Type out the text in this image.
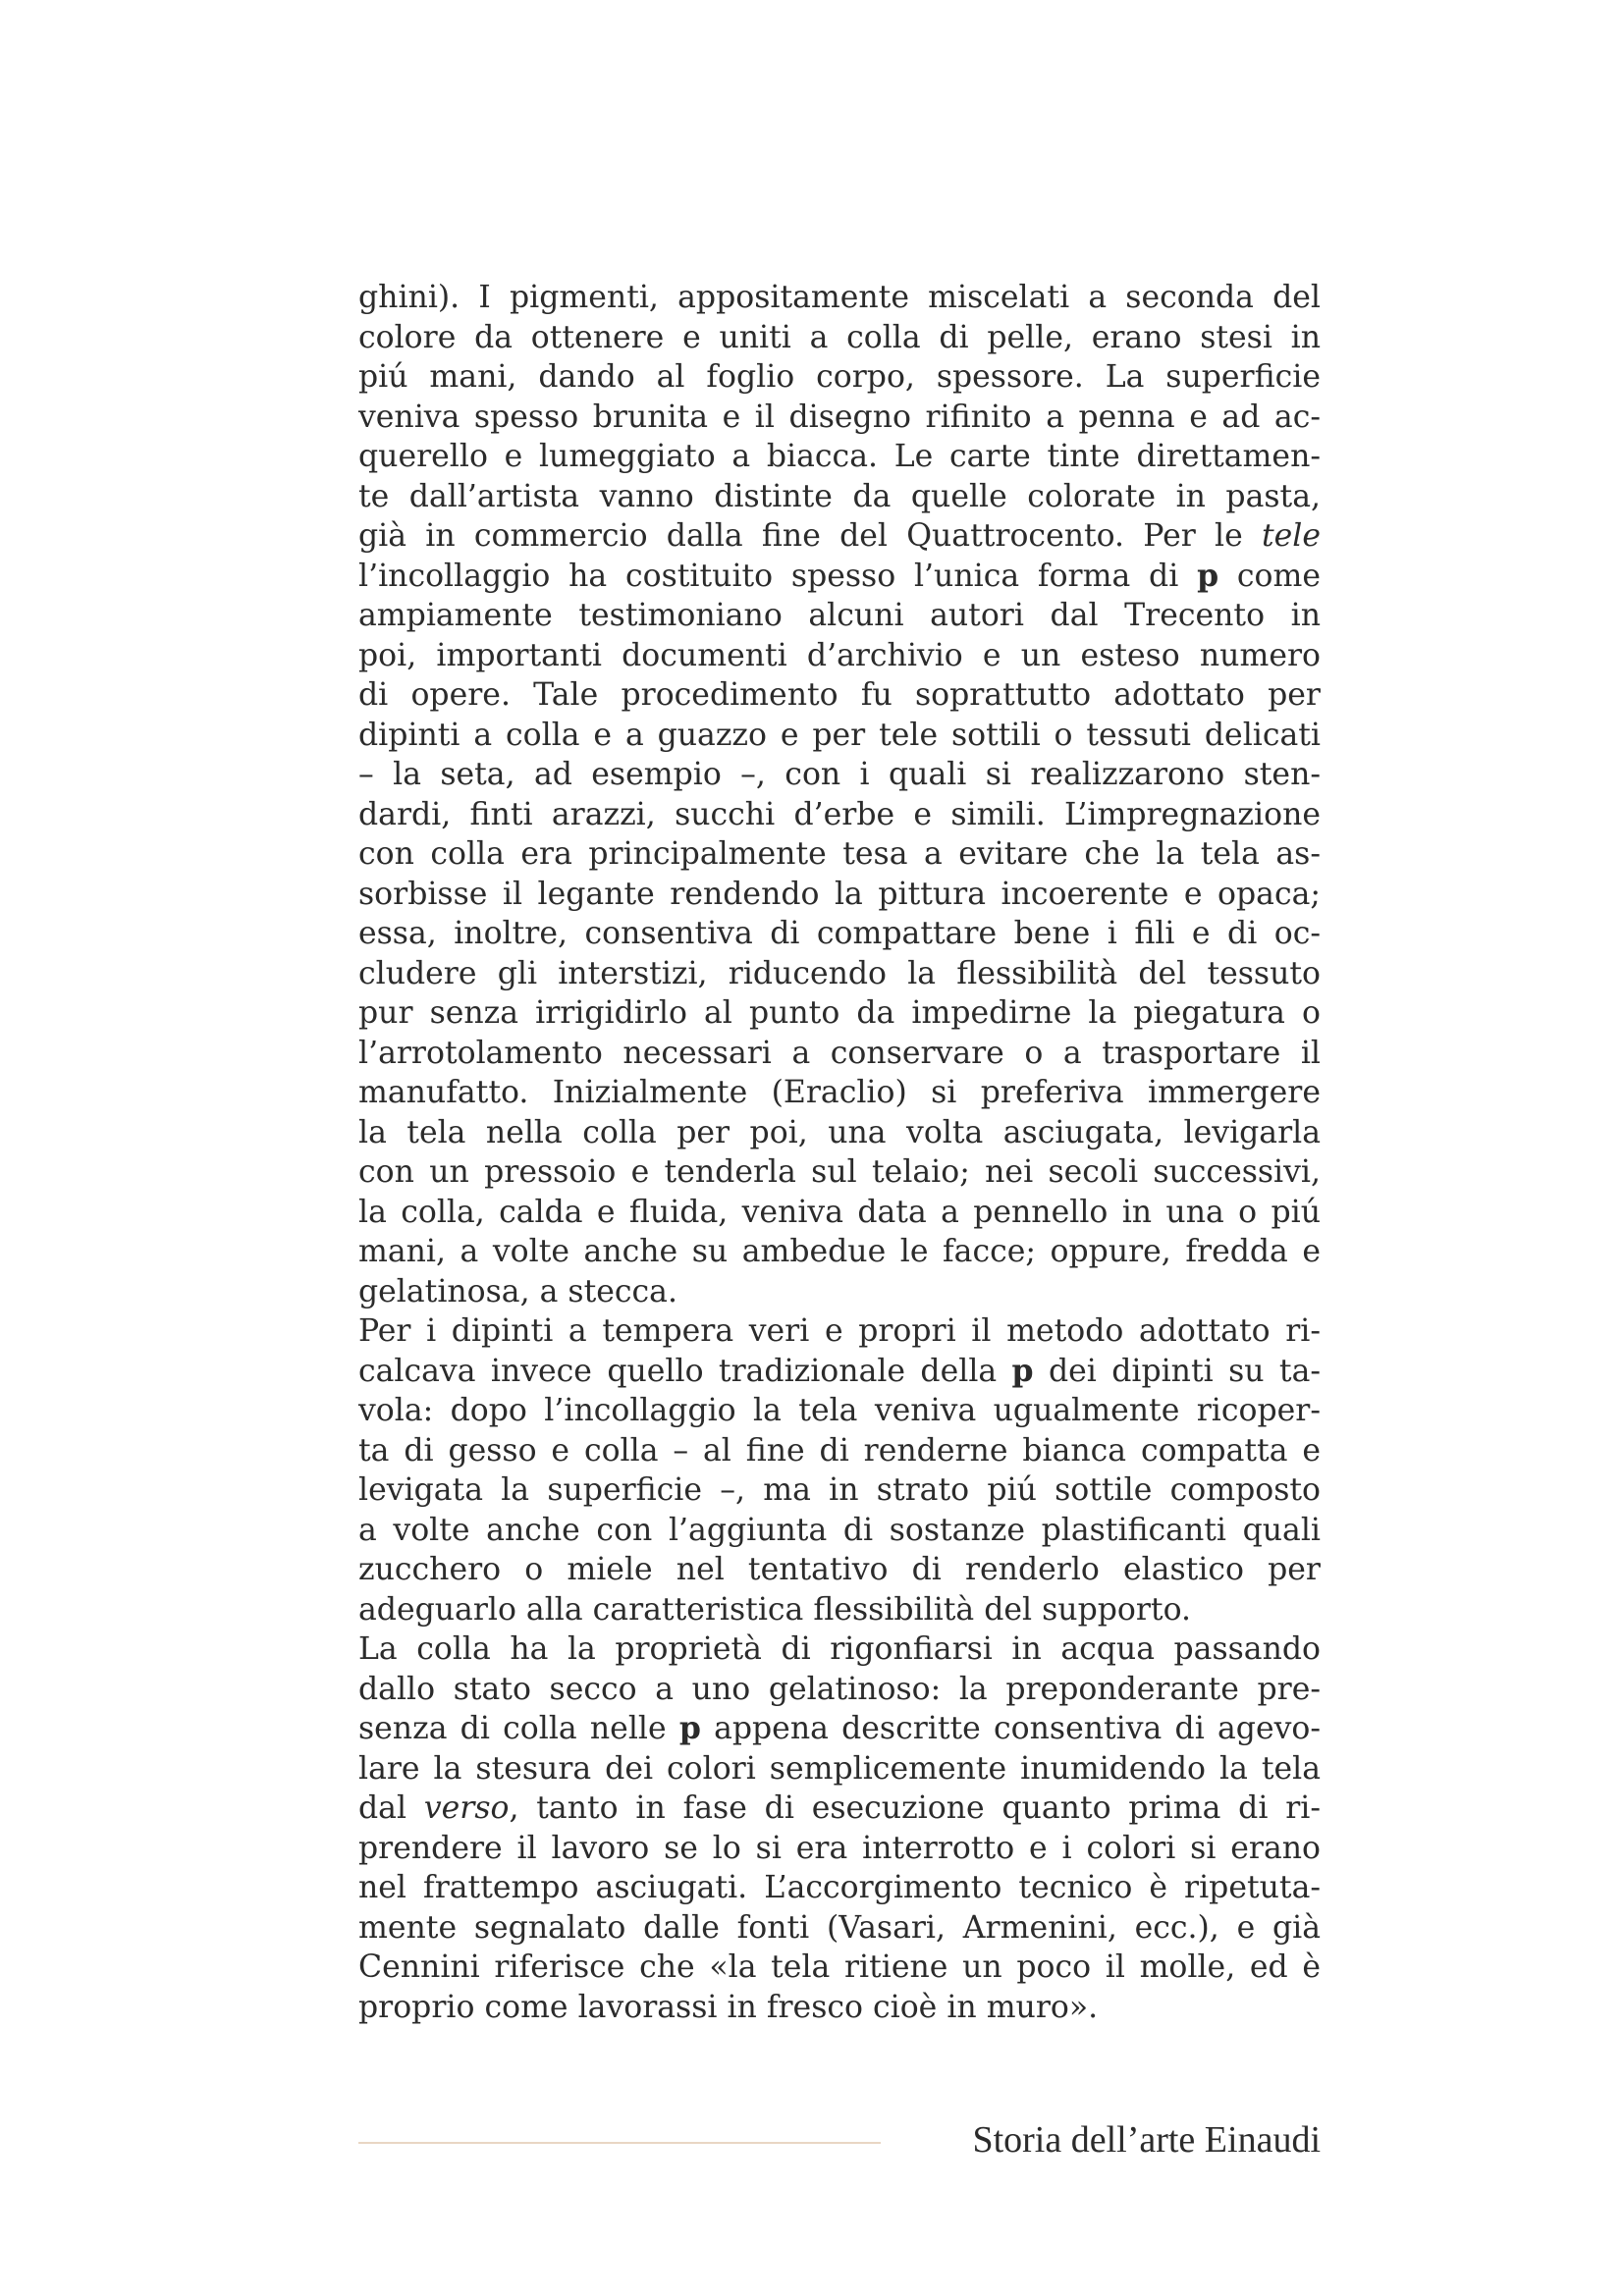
ghini). I pigmenti, appositamente miscelati a seconda del
colore da ottenere e uniti a colla di pelle, erano stesi in
piú mani, dando al foglio corpo, spessore. La superficie
veniva spesso brunita e il disegno rifinito a penna e ad ac-
querello e lumeggiato a biacca. Le carte tinte direttamen-
te dall’artista vanno distinte da quelle colorate in pasta,
già in commercio dalla fine del Quattrocento. Per le tele
l’incollaggio ha costituito spesso l’unica forma di p come
ampiamente testimoniano alcuni autori dal Trecento in
poi, importanti documenti d’archivio e un esteso numero
di opere. Tale procedimento fu soprattutto adottato per
dipinti a colla e a guazzo e per tele sottili o tessuti delicati
– la seta, ad esempio –, con i quali si realizzarono sten-
dardi, finti arazzi, succhi d’erbe e simili. L’impregnazione
con colla era principalmente tesa a evitare che la tela as-
sorbisse il legante rendendo la pittura incoerente e opaca;
essa, inoltre, consentiva di compattare bene i fili e di oc-
cludere gli interstizi, riducendo la flessibilità del tessuto
pur senza irrigidirlo al punto da impedirne la piegatura o
l’arrotolamento necessari a conservare o a trasportare il
manufatto. Inizialmente (Eraclio) si preferiva immergere
la tela nella colla per poi, una volta asciugata, levigarla
con un pressoio e tenderla sul telaio; nei secoli successivi,
la colla, calda e fluida, veniva data a pennello in una o piú
mani, a volte anche su ambedue le facce; oppure, fredda e
gelatinosa, a stecca.
Per i dipinti a tempera veri e propri il metodo adottato ri-
calcava invece quello tradizionale della p dei dipinti su ta-
vola: dopo l’incollaggio la tela veniva ugualmente ricoper-
ta di gesso e colla – al fine di renderne bianca compatta e
levigata la superficie –, ma in strato piú sottile composto
a volte anche con l’aggiunta di sostanze plastificanti quali
zucchero o miele nel tentativo di renderlo elastico per
adeguarlo alla caratteristica flessibilità del supporto.
La colla ha la proprietà di rigonfiarsi in acqua passando
dallo stato secco a uno gelatinoso: la preponderante pre-
senza di colla nelle p appena descritte consentiva di agevo-
lare la stesura dei colori semplicemente inumidendo la tela
dal verso, tanto in fase di esecuzione quanto prima di ri-
prendere il lavoro se lo si era interrotto e i colori si erano
nel frattempo asciugati. L’accorgimento tecnico è ripetuta-
mente segnalato dalle fonti (Vasari, Armenini, ecc.), e già
Cennini riferisce che «la tela ritiene un poco il molle, ed è
proprio come lavorassi in fresco cioè in muro».
Storia dell’arte Einaudi
